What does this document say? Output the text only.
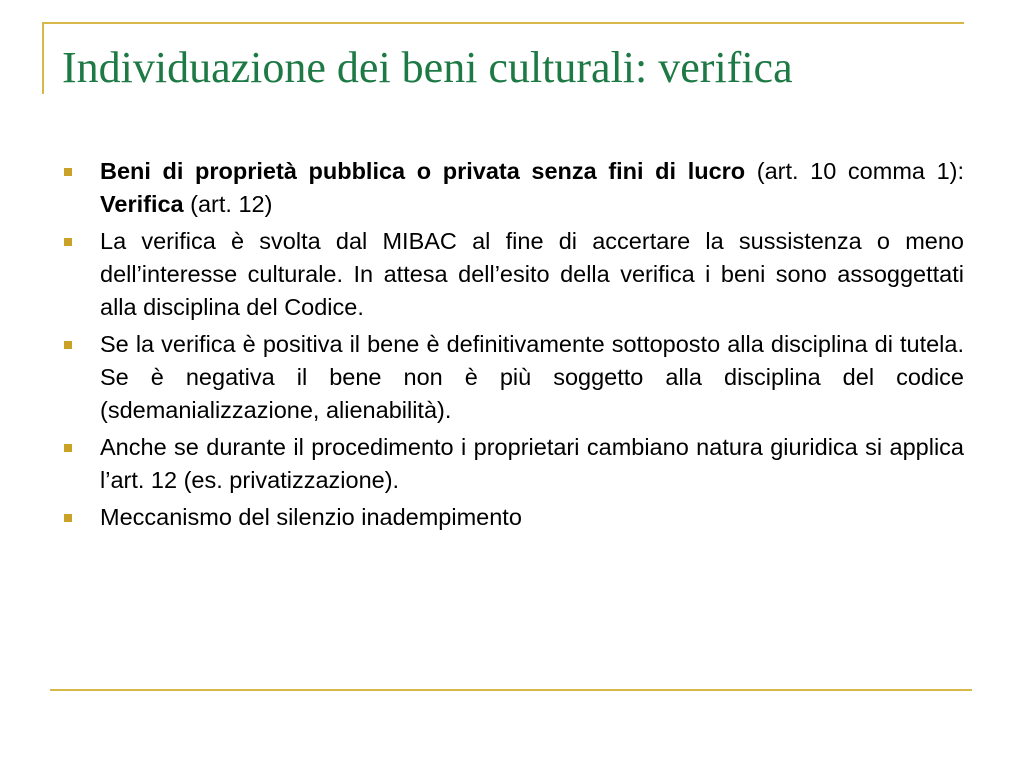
Individuazione dei beni culturali: verifica
Beni di proprietà pubblica o privata senza fini di lucro (art. 10 comma 1): Verifica (art. 12)
La verifica è svolta dal MIBAC al fine di accertare la sussistenza o meno dell’interesse culturale. In attesa dell’esito della verifica i beni sono assoggettati alla disciplina del Codice.
Se la verifica è positiva il bene è definitivamente sottoposto alla disciplina di tutela. Se è negativa il bene non è più soggetto alla disciplina del codice (sdemanializzazione, alienabilità).
Anche se durante il procedimento i proprietari cambiano natura giuridica si applica l’art. 12 (es. privatizzazione).
Meccanismo del silenzio inadempimento
